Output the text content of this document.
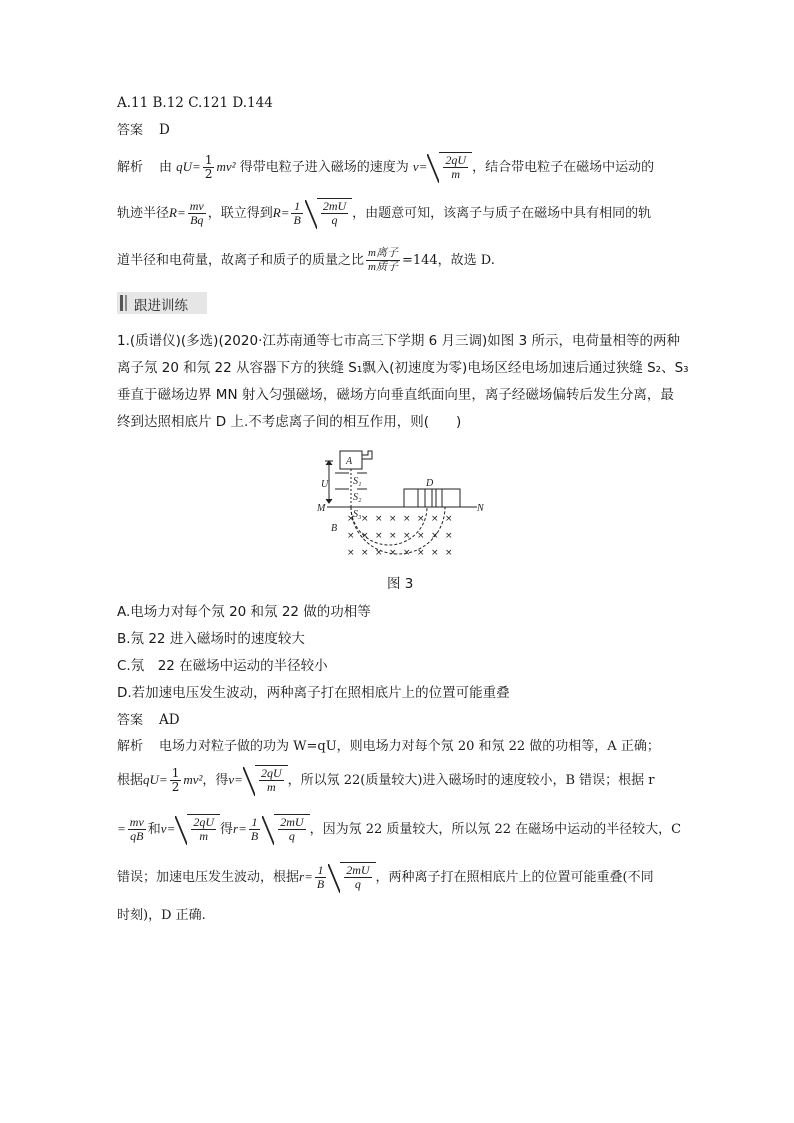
A.11 B.12 C.121 D.144
答案 D
解析 由 $qU= \frac{1}{2} mv^2$ 得带电粒子进入磁场的速度为 $v= \frac{2qU}{m}$ ，结合带电粒子在磁场中运动的
轨迹半径$R= \frac{mv}{Bq}$ ，联立得到$R= \frac{1}{B} \frac{2mU}{q}$ ，由题意可知，该离子与质子在磁场中具有相同的轨
道半径和电荷量，故离子和质子的质量之比 $\frac{\text{m离子}}{\text{m质子}} =144$，故选 D.
跟进训练
1.(质谱仪)(多选)(2020·江苏南通等七市高三下学期 6 月三调)如图 3 所示，电荷量相等的两种
离子氖 20 和氖 22 从容器下方的狭缝 S₁飘入(初速度为零)电场区经电场加速后通过狭缝 S₂、S₃
垂直于磁场边界 MN 射入匀强磁场，磁场方向垂直纸面向里，离子经磁场偏转后发生分离，最
终到达照相底片 D 上.不考虑离子间的相互作用，则(　　)
× × × × × × × ×
× × × × × × × ×
× × × × × × × ×
A
U S₁
S₂
S₃
M	N
D
B
图 3
A.电场力对每个氖 20 和氖 22 做的功相等
B.氖 22 进入磁场时的速度较大
C.氖　22 在磁场中运动的半径较小
D.若加速电压发生波动，两种离子打在照相底片上的位置可能重叠
答案 AD
解析 电场力对粒子做的功为 W=qU，则电场力对每个氖 20 和氖 22 做的功相等，A 正确；
根据$qU= \frac{1}{2} mv^2$，得$v= \frac{2qU}{m}$ ，所以氖 22(质量较大)进入磁场时的速度较小，B 错误；根据 r
= $\frac{mv}{qB}$ 和$v= \frac{2qU}{m}$ 得$r= \frac{1}{B} \frac{2mU}{q}$ ，因为氖 22 质量较大，所以氖 22 在磁场中运动的半径较大，C
错误；加速电压发生波动，根据$r= \frac{1}{B} \frac{2mU}{q}$ ，两种离子打在照相底片上的位置可能重叠(不同
时刻)，D 正确.
